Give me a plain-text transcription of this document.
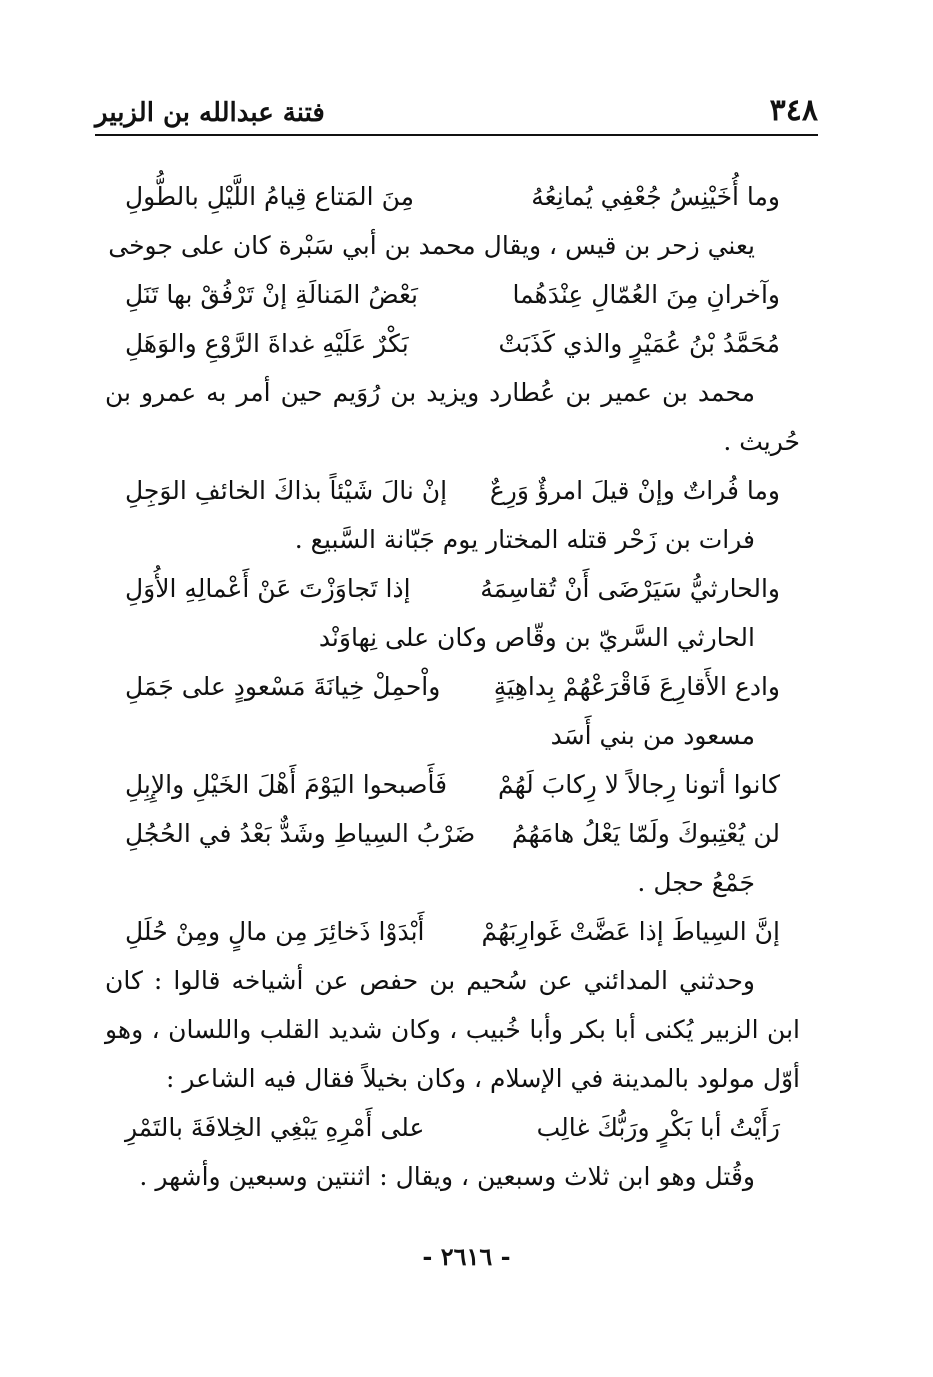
٣٤٨
فتنة عبدالله بن الزبير
وما أُخَيْنِسُ جُعْفِي يُمانِعُهُ
مِنَ المَتاع قِيامُ اللَّيْلِ بالطُّولِ
يعني زحر بن قيس ، ويقال محمد بن أبي سَبْرة كان على جوخى
وآخرانِ مِنَ العُمّالِ عِنْدَهُما
بَعْضُ المَنالَةِ إنْ تَرْفُقْ بها تَنَلِ
مُحَمَّدُ بْنُ عُمَيْرٍ والذي كَذَبَتْ
بَكْرٌ عَلَيْهِ غداةَ الرَّوْعِ والوَهَلِ
محمد بن عمير بن عُطارد ويزيد بن رُوَيم حين أمر به عمرو بن حُريث .
وما فُراتٌ وإنْ قيلَ امرؤٌ وَرِعٌ
إنْ نالَ شَيْئاً بذاكَ الخائفِ الوَجِلِ
فرات بن زَحْر قتله المختار يوم جَبّانة السَّبيع .
والحارثيُّ سَيَرْضَى أَنْ تُقاسِمَهُ
إذا تَجاوَزْتَ عَنْ أَعْمالِهِ الأُوَلِ
الحارثي السَّريّ بن وقّاص وكان على نِهاوَنْد
وادع الأَقارِعَ فَاقْرَعْهُمْ بِداهِيَةٍ
واْحمِلْ خِيانَةَ مَسْعودٍ على جَمَلِ
مسعود من بني أَسَد
كانوا أتونا رِجالاً لا رِكابَ لَهُمْ
فَأَصبحوا اليَوْمَ أَهْلَ الخَيْلِ والإِبِلِ
لن يُعْتِبوكَ ولَمّا يَعْلُ هامَهُمُ
ضَرْبُ السِياطِ وشَدٌّ بَعْدُ في الحُجُلِ
جَمْعُ حجل .
إنَّ السِياطَ إذا عَضَّتْ غَوارِبَهُمْ
أَبْدَوْا ذَخائِرَ مِن مالٍ ومِنْ حُلَلِ
وحدثني المدائني عن سُحيم بن حفص عن أشياخه قالوا : كان ابن الزبير يُكنى أبا بكر وأبا خُبيب ، وكان شديد القلب واللسان ، وهو أوّل مولود بالمدينة في الإسلام ، وكان بخيلاً فقال فيه الشاعر :
رَأَيْتُ أبا بَكْرٍ ورَبُّكَ غالِب
على أَمْرِهِ يَبْغِي الخِلافَةَ بالتَمْرِ
وقُتل وهو ابن ثلاث وسبعين ، ويقال : اثنتين وسبعين وأشهر .
- ٢٦١٦ -
